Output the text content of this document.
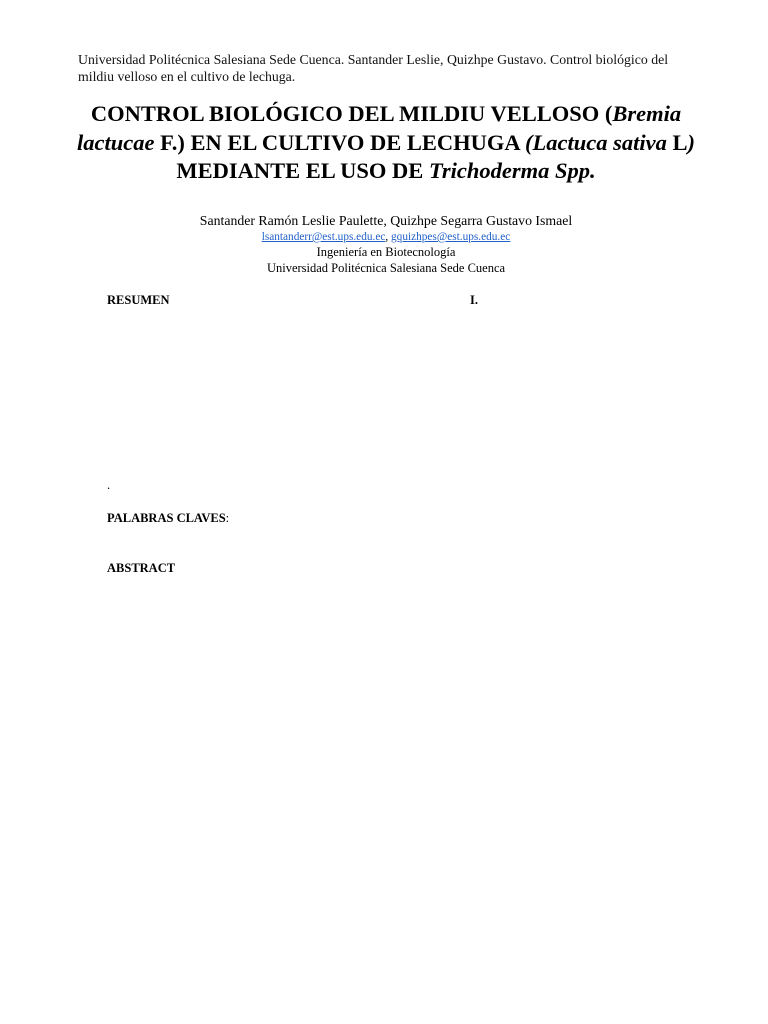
Universidad Politécnica Salesiana Sede Cuenca. Santander Leslie, Quizhpe Gustavo. Control biológico del
mildiu velloso en el cultivo de lechuga.
CONTROL BIOLÓGICO DEL MILDIU VELLOSO (Bremia
lactucae F.) EN EL CULTIVO DE LECHUGA (Lactuca sativa L)
MEDIANTE EL USO DE Trichoderma Spp.
Santander Ramón Leslie Paulette, Quizhpe Segarra Gustavo Ismael
lsantanderr@est.ups.edu.ec, gquizhpes@est.ups.edu.ec
Ingeniería en Biotecnología
Universidad Politécnica Salesiana Sede Cuenca
RESUMEN	I.
.
PALABRAS CLAVES:
ABSTRACT
